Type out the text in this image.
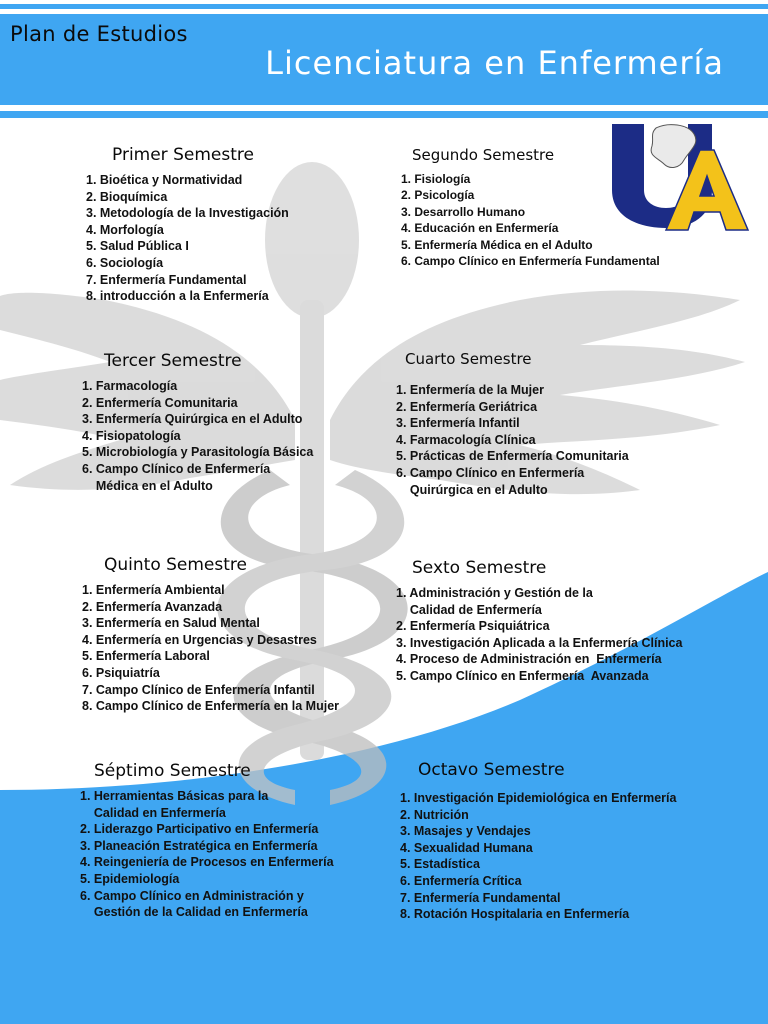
Plan de Estudios
Licenciatura en Enfermería
Primer Semestre
1. Bioética y Normatividad
2. Bioquímica
3. Metodología de la Investigación
4. Morfología
5. Salud Pública I
6. Sociología
7. Enfermería Fundamental
8. introducción a la Enfermería
Segundo Semestre
1. Fisiología
2. Psicología
3. Desarrollo Humano
4. Educación en Enfermería
5. Enfermería Médica en el Adulto
6. Campo Clínico en Enfermería Fundamental
Tercer Semestre
1. Farmacología
2. Enfermería Comunitaria
3. Enfermería Quirúrgica en el Adulto
4. Fisiopatología
5. Microbiología y Parasitología Básica
6. Campo Clínico de Enfermería
Médica en el Adulto
Cuarto Semestre
1. Enfermería de la Mujer
2. Enfermería Geriátrica
3. Enfermería Infantil
4. Farmacología Clínica
5. Prácticas de Enfermería Comunitaria
6. Campo Clínico en Enfermería
Quirúrgica en el Adulto
Quinto Semestre
1. Enfermería Ambiental
2. Enfermería Avanzada
3. Enfermería en Salud Mental
4. Enfermería en Urgencias y Desastres
5. Enfermería Laboral
6. Psiquiatría
7. Campo Clínico de Enfermería Infantil
8. Campo Clínico de Enfermería en la Mujer
Sexto Semestre
1. Administración y Gestión de la
Calidad de Enfermería
2. Enfermería Psiquiátrica
3. Investigación Aplicada a la Enfermería Clínica
4. Proceso de Administración en  Enfermería
5. Campo Clínico en Enfermería  Avanzada
Séptimo Semestre
1. Herramientas Básicas para la
Calidad en Enfermería
2. Liderazgo Participativo en Enfermería
3. Planeación Estratégica en Enfermería
4. Reingeniería de Procesos en Enfermería
5. Epidemiología
6. Campo Clínico en Administración y
Gestión de la Calidad en Enfermería
Octavo Semestre
1. Investigación Epidemiológica en Enfermería
2. Nutrición
3. Masajes y Vendajes
4. Sexualidad Humana
5. Estadística
6. Enfermería Crítica
7. Enfermería Fundamental
8. Rotación Hospitalaria en Enfermería
